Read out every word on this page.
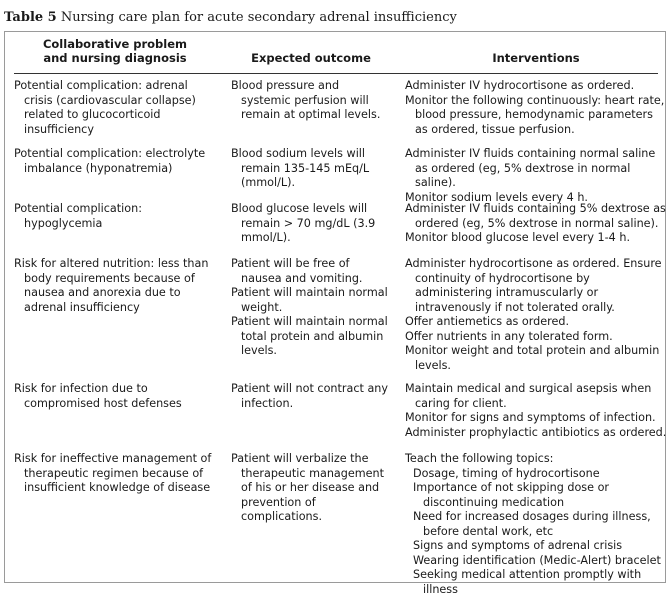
Table 5 Nursing care plan for acute secondary adrenal insufficiency
Collaborative problem
and nursing diagnosis	Expected outcome	Interventions

Potential complication: adrenal crisis (cardiovascular collapse) related to glucocorticoid insufficiency

Blood pressure and systemic perfusion will remain at optimal levels.

Administer IV hydrocortisone as ordered.

Monitor the following continuously: heart rate, blood pressure, hemodynamic parameters as ordered, tissue perfusion.

Potential complication: electrolyte imbalance (hyponatremia)

Blood sodium levels will remain 135-145 mEq/L (mmol/L).

Administer IV fluids containing normal saline as ordered (eg, 5% dextrose in normal saline).

Monitor sodium levels every 4 h.

Potential complication: hypoglycemia

Blood glucose levels will remain > 70 mg/dL (3.9 mmol/L).

Administer IV fluids containing 5% dextrose as ordered (eg, 5% dextrose in normal saline).

Monitor blood glucose level every 1-4 h.

Risk for altered nutrition: less than body requirements because of nausea and anorexia due to adrenal insufficiency

Patient will be free of nausea and vomiting.

Patient will maintain normal weight.

Patient will maintain normal total protein and albumin levels.

Administer hydrocortisone as ordered. Ensure continuity of hydrocortisone by administering intramuscularly or intravenously if not tolerated orally.

Offer antiemetics as ordered.

Offer nutrients in any tolerated form.

Monitor weight and total protein and albumin levels.

Risk for infection due to compromised host defenses

Patient will not contract any infection.

Maintain medical and surgical asepsis when caring for client.

Monitor for signs and symptoms of infection.

Administer prophylactic antibiotics as ordered.

Risk for ineffective management of therapeutic regimen because of insufficient knowledge of disease

Patient will verbalize the therapeutic management of his or her disease and prevention of complications.

Teach the following topics:

Dosage, timing of hydrocortisone

Importance of not skipping dose or discontinuing medication

Need for increased dosages during illness, before dental work, etc

Signs and symptoms of adrenal crisis

Wearing identification (Medic-Alert) bracelet

Seeking medical attention promptly with illness
